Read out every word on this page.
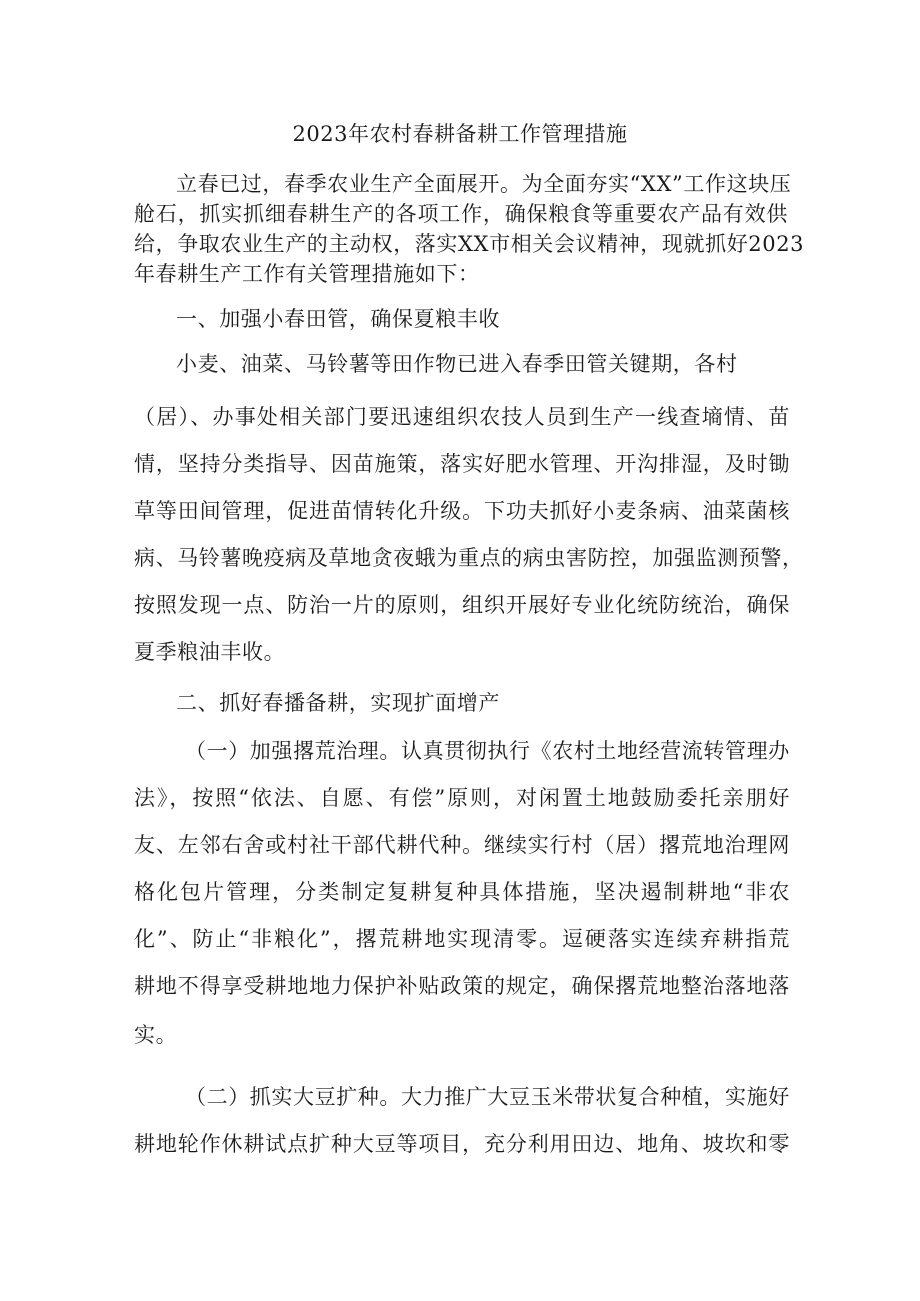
2023年农村春耕备耕工作管理措施
立春已过，春季农业生产全面展开。为全面夯实“XX”工作这块压
舱石，抓实抓细春耕生产的各项工作，确保粮食等重要农产品有效供
给，争取农业生产的主动权，落实XX市相关会议精神，现就抓好2023
年春耕生产工作有关管理措施如下：
一、加强小春田管，确保夏粮丰收
小麦、油菜、马铃薯等田作物已进入春季田管关键期，各村
（居）、办事处相关部门要迅速组织农技人员到生产一线查墒情、苗
情，坚持分类指导、因苗施策，落实好肥水管理、开沟排湿，及时锄
草等田间管理，促进苗情转化升级。下功夫抓好小麦条病、油菜菌核
病、马铃薯晚疫病及草地贪夜蛾为重点的病虫害防控，加强监测预警，
按照发现一点、防治一片的原则，组织开展好专业化统防统治，确保
夏季粮油丰收。
二、抓好春播备耕，实现扩面增产
（一）加强撂荒治理。认真贯彻执行《农村土地经营流转管理办
法》，按照“依法、自愿、有偿”原则，对闲置土地鼓励委托亲朋好
友、左邻右舍或村社干部代耕代种。继续实行村（居）撂荒地治理网
格化包片管理，分类制定复耕复种具体措施，坚决遏制耕地“非农
化”、防止“非粮化”，撂荒耕地实现清零。逗硬落实连续弃耕指荒
耕地不得享受耕地地力保护补贴政策的规定，确保撂荒地整治落地落
实。
（二）抓实大豆扩种。大力推广大豆玉米带状复合种植，实施好
耕地轮作休耕试点扩种大豆等项目，充分利用田边、地角、坡坎和零
